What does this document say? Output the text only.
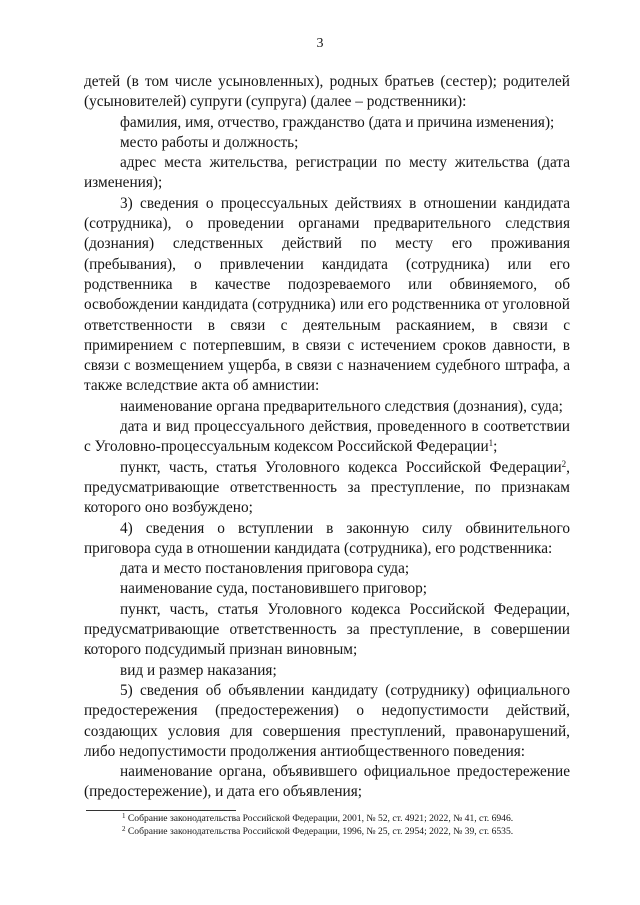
3

детей (в том числе усыновленных), родных братьев (сестер); родителей (усыновителей) супруги (супруга) (далее – родственники):

фамилия, имя, отчество, гражданство (дата и причина изменения);

место работы и должность;

адрес места жительства, регистрации по месту жительства (дата изменения);

3) сведения о процессуальных действиях в отношении кандидата (сотрудника), о проведении органами предварительного следствия (дознания) следственных действий по месту его проживания (пребывания), о привлечении кандидата (сотрудника) или его родственника в качестве подозреваемого или обвиняемого, об освобождении кандидата (сотрудника) или его родственника от уголовной ответственности в связи с деятельным раскаянием, в связи с примирением с потерпевшим, в связи с истечением сроков давности, в связи с возмещением ущерба, в связи с назначением судебного штрафа, а также вследствие акта об амнистии:

наименование органа предварительного следствия (дознания), суда;

дата и вид процессуального действия, проведенного в соответствии с Уголовно-процессуальным кодексом Российской Федерации$^1$;

пункт, часть, статья Уголовного кодекса Российской Федерации$^2$, предусматривающие ответственность за преступление, по признакам которого оно возбуждено;

4) сведения о вступлении в законную силу обвинительного приговора суда в отношении кандидата (сотрудника), его родственника:

дата и место постановления приговора суда;

наименование суда, постановившего приговор;

пункт, часть, статья Уголовного кодекса Российской Федерации, предусматривающие ответственность за преступление, в совершении которого подсудимый признан виновным;

вид и размер наказания;

5) сведения об объявлении кандидату (сотруднику) официального предостережения (предостережения) о недопустимости действий, создающих условия для совершения преступлений, правонарушений, либо недопустимости продолжения антиобщественного поведения:

наименование органа, объявившего официальное предостережение (предостережение), и дата его объявления;

$^1$ Собрание законодательства Российской Федерации, 2001, № 52, ст. 4921; 2022, № 41, ст. 6946.

$^2$ Собрание законодательства Российской Федерации, 1996, № 25, ст. 2954; 2022, № 39, ст. 6535.
